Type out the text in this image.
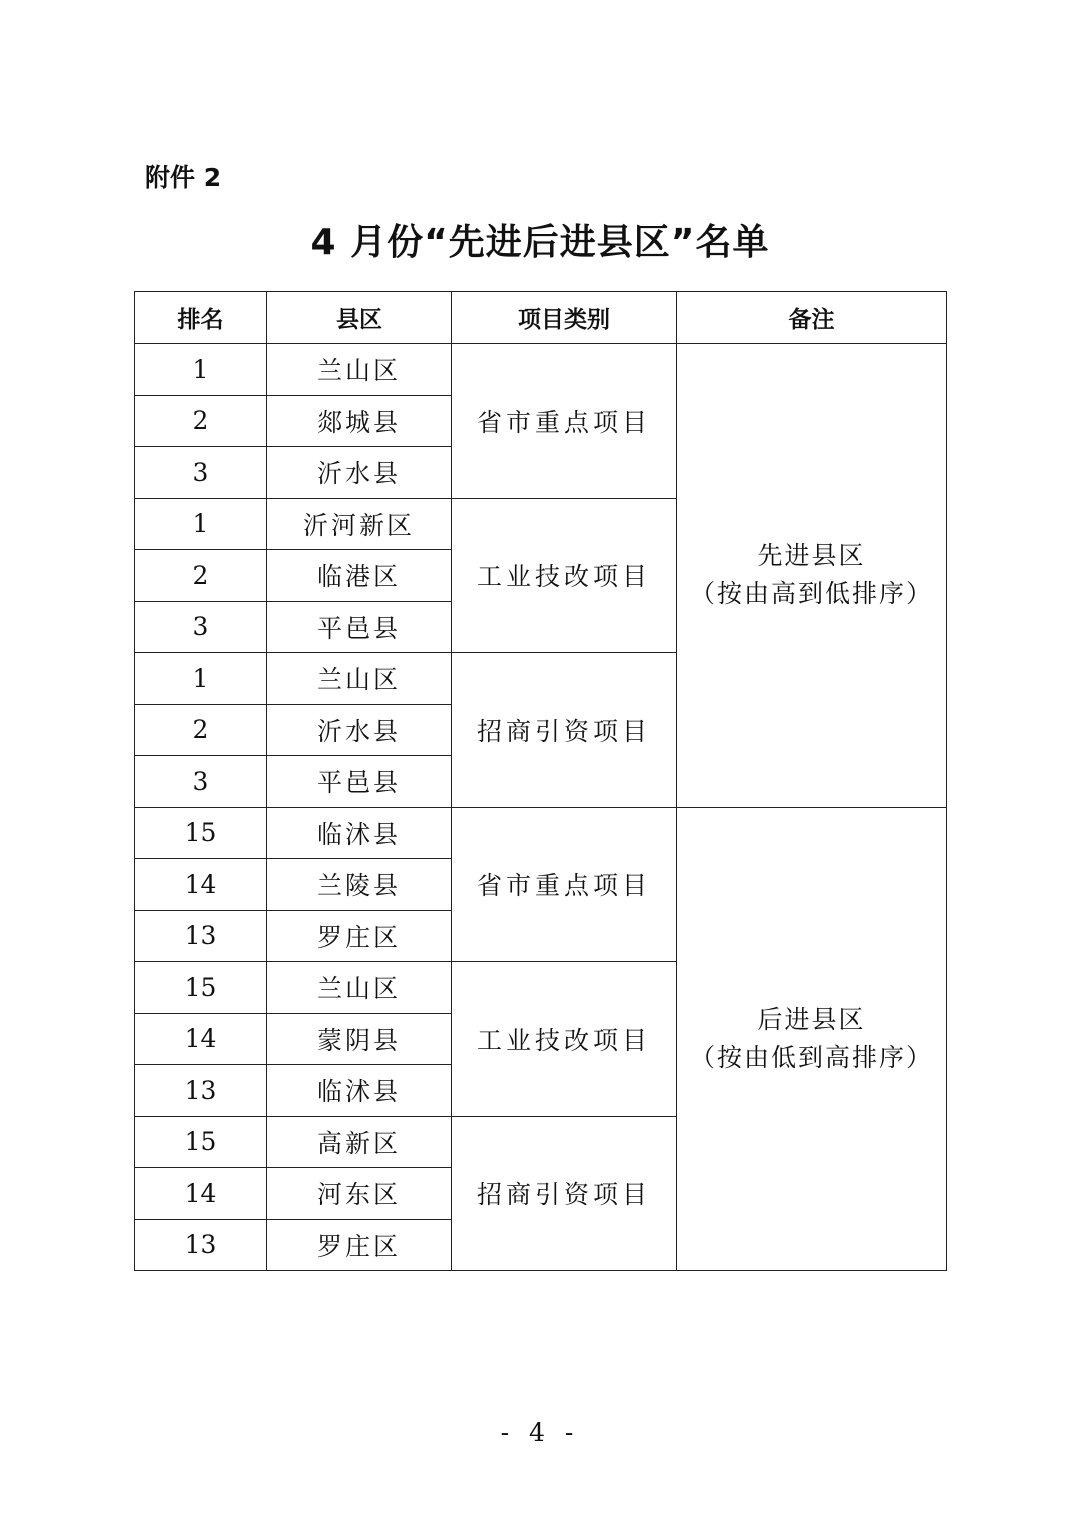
附件 2
4 月份“先进后进县区”名单
排名	县区	项目类别	备注
1	兰山区	省市重点项目	先进县区
（按由高到低排序）

2	郯城县		
3	沂水县		
1	沂河新区	工业技改项目	
2	临港区		
3	平邑县		
1	兰山区	招商引资项目	
2	沂水县		
3	平邑县		
15	临沭县	省市重点项目	后进县区
（按由低到高排序）

14	兰陵县		
13	罗庄区		
15	兰山区	工业技改项目	
14	蒙阴县		
13	临沭县		
15	高新区	招商引资项目	
14	河东区		
13	罗庄区		
- 4 -
